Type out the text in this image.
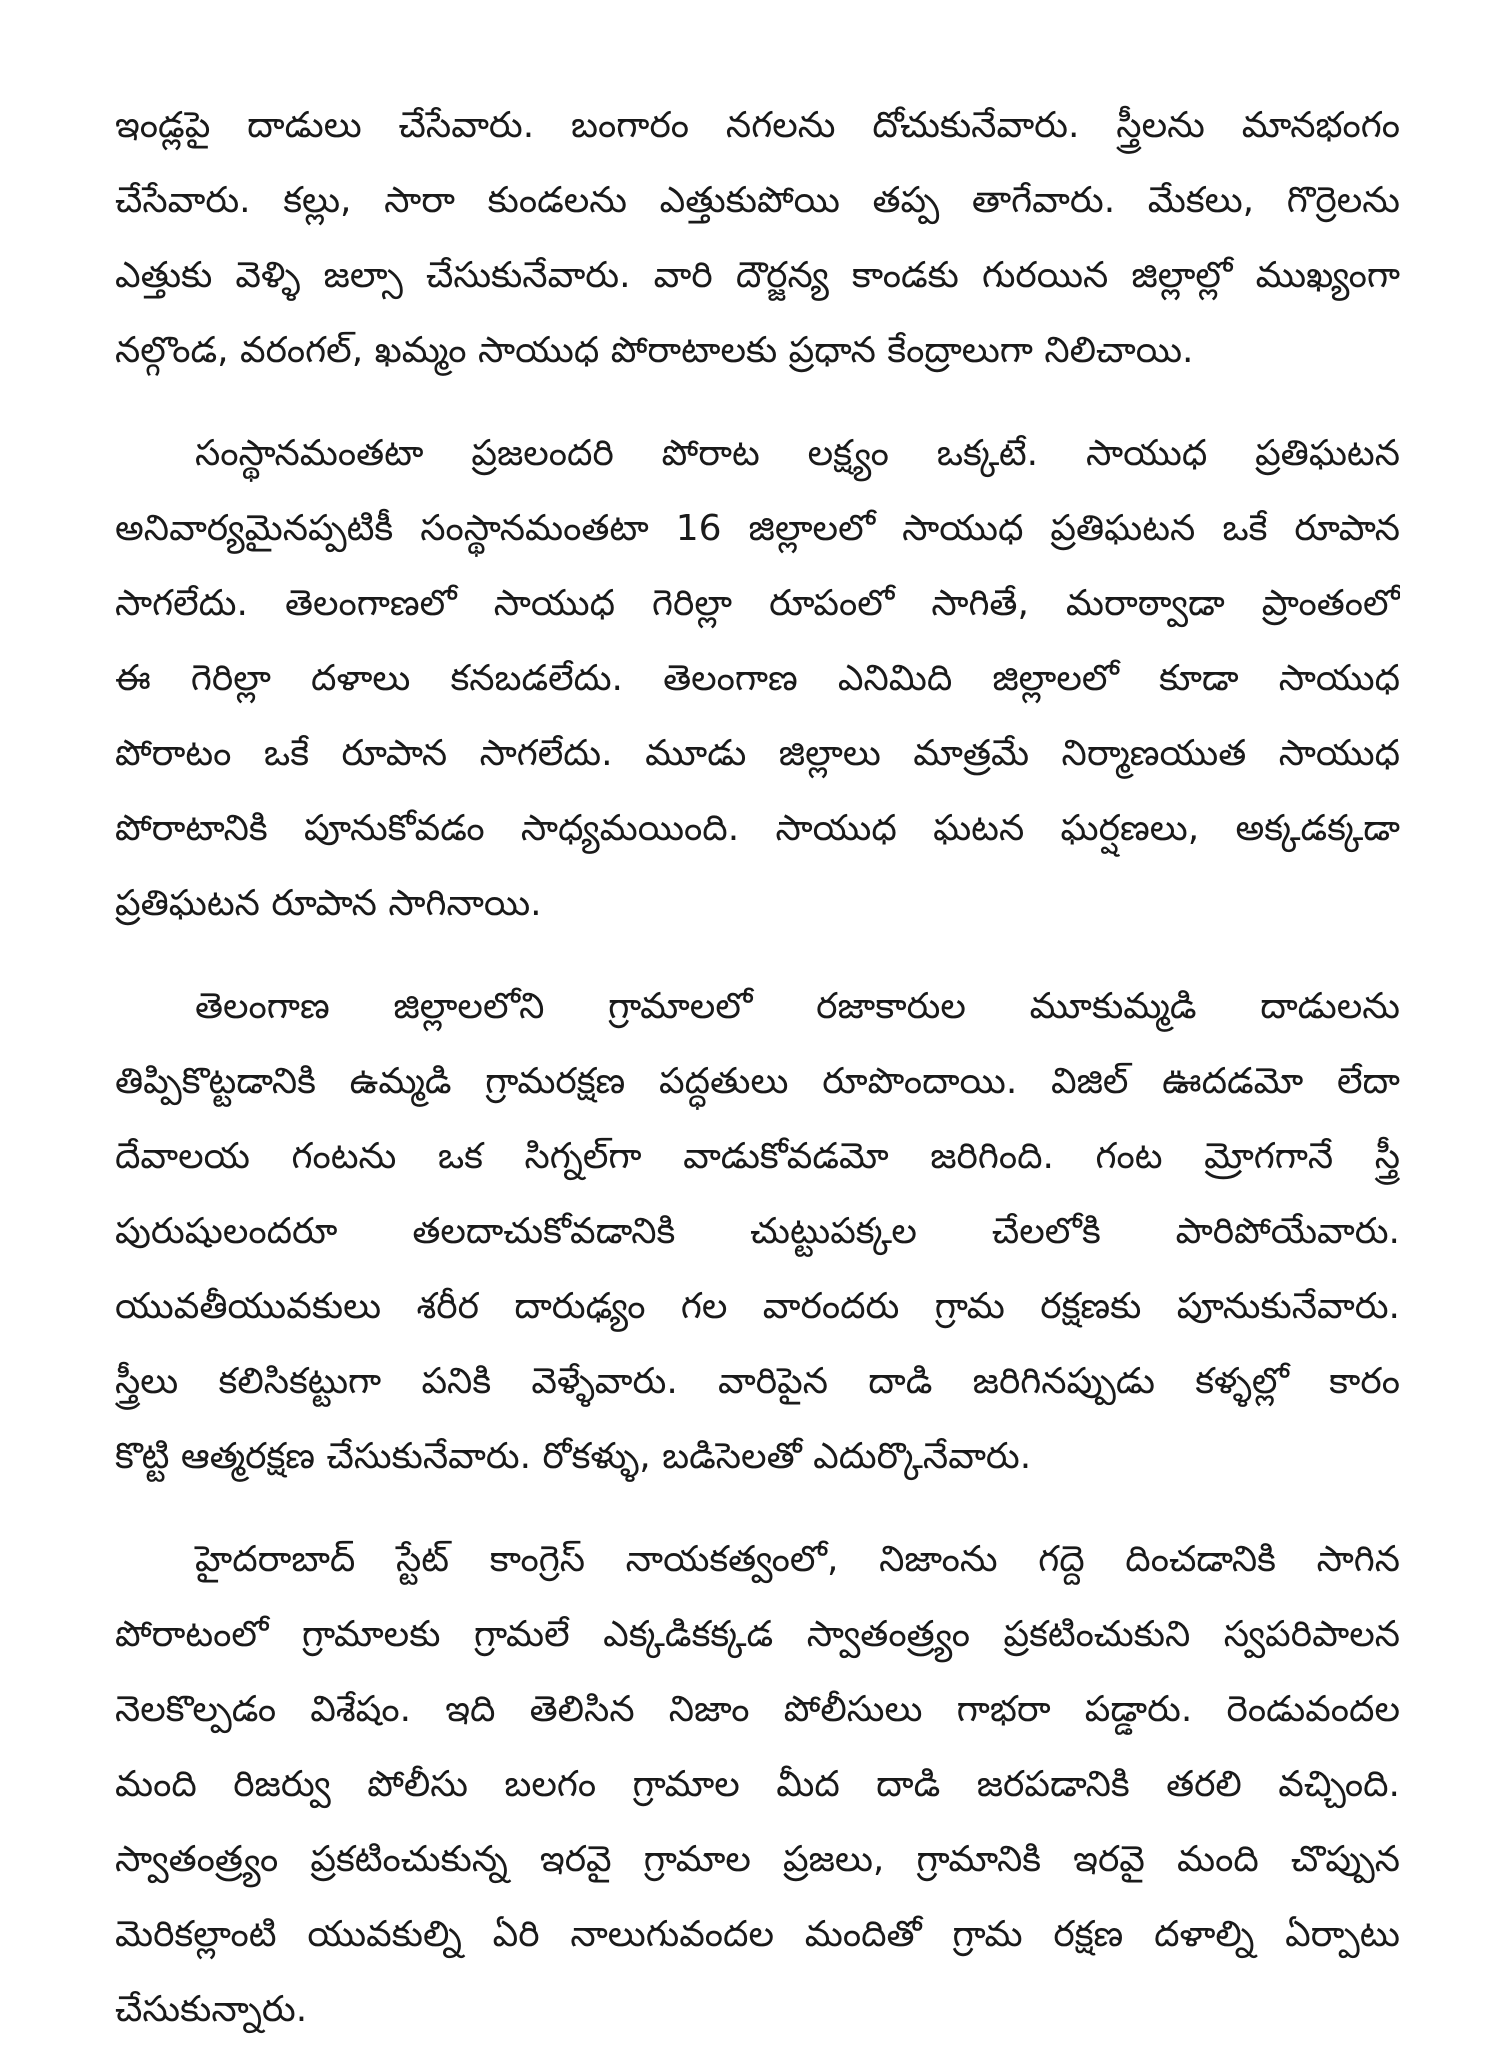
ఇండ్లపై దాడులు చేసేవారు. బంగారం నగలను దోచుకునేవారు. స్త్రీలను మానభంగం
చేసేవారు. కల్లు, సారా కుండలను ఎత్తుకుపోయి తప్ప తాగేవారు. మేకలు, గొర్రెలను
ఎత్తుకు వెళ్ళి జల్సా చేసుకునేవారు. వారి దౌర్జన్య కాండకు గురయిన జిల్లాల్లో ముఖ్యంగా
నల్గొండ, వరంగల్, ఖమ్మం సాయుధ పోరాటాలకు ప్రధాన కేంద్రాలుగా నిలిచాయి.
సంస్థానమంతటా ప్రజలందరి పోరాట లక్ష్యం ఒక్కటే. సాయుధ ప్రతిఘటన
అనివార్యమైనప్పటికీ సంస్థానమంతటా 16 జిల్లాలలో సాయుధ ప్రతిఘటన ఒకే రూపాన
సాగలేదు. తెలంగాణలో సాయుధ గెరిల్లా రూపంలో సాగితే, మరాఠ్వాడా ప్రాంతంలో
ఈ గెరిల్లా దళాలు కనబడలేదు. తెలంగాణ ఎనిమిది జిల్లాలలో కూడా సాయుధ
పోరాటం ఒకే రూపాన సాగలేదు. మూడు జిల్లాలు మాత్రమే నిర్మాణయుత సాయుధ
పోరాటానికి పూనుకోవడం సాధ్యమయింది. సాయుధ ఘటన ఘర్షణలు, అక్కడక్కడా
ప్రతిఘటన రూపాన సాగినాయి.
తెలంగాణ జిల్లాలలోని గ్రామాలలో రజాకారుల మూకుమ్మడి దాడులను
తిప్పికొట్టడానికి ఉమ్మడి గ్రామరక్షణ పద్ధతులు రూపొందాయి. విజిల్ ఊదడమో లేదా
దేవాలయ గంటను ఒక సిగ్నల్‌గా వాడుకోవడమో జరిగింది. గంట మ్రోగగానే స్త్రీ
పురుషులందరూ తలదాచుకోవడానికి చుట్టుపక్కల చేలలోకి పారిపోయేవారు.
యువతీయువకులు శరీర దారుఢ్యం గల వారందరు గ్రామ రక్షణకు పూనుకునేవారు.
స్త్రీలు కలిసికట్టుగా పనికి వెళ్ళేవారు. వారిపైన దాడి జరిగినప్పుడు కళ్ళల్లో కారం
కొట్టి ఆత్మరక్షణ చేసుకునేవారు. రోకళ్ళు, బడిసెలతో ఎదుర్కొనేవారు.
హైదరాబాద్ స్టేట్ కాంగ్రెస్ నాయకత్వంలో, నిజాంను గద్దె దించడానికి సాగిన
పోరాటంలో గ్రామాలకు గ్రామలే ఎక్కడికక్కడ స్వాతంత్ర్యం ప్రకటించుకుని స్వపరిపాలన
నెలకొల్పడం విశేషం. ఇది తెలిసిన నిజాం పోలీసులు గాభరా పడ్డారు. రెండువందల
మంది రిజర్వు పోలీసు బలగం గ్రామాల మీద దాడి జరపడానికి తరలి వచ్చింది.
స్వాతంత్ర్యం ప్రకటించుకున్న ఇరవై గ్రామాల ప్రజలు, గ్రామానికి ఇరవై మంది చొప్పున
మెరికల్లాంటి యువకుల్ని ఏరి నాలుగువందల మందితో గ్రామ రక్షణ దళాల్ని ఏర్పాటు
చేసుకున్నారు.
